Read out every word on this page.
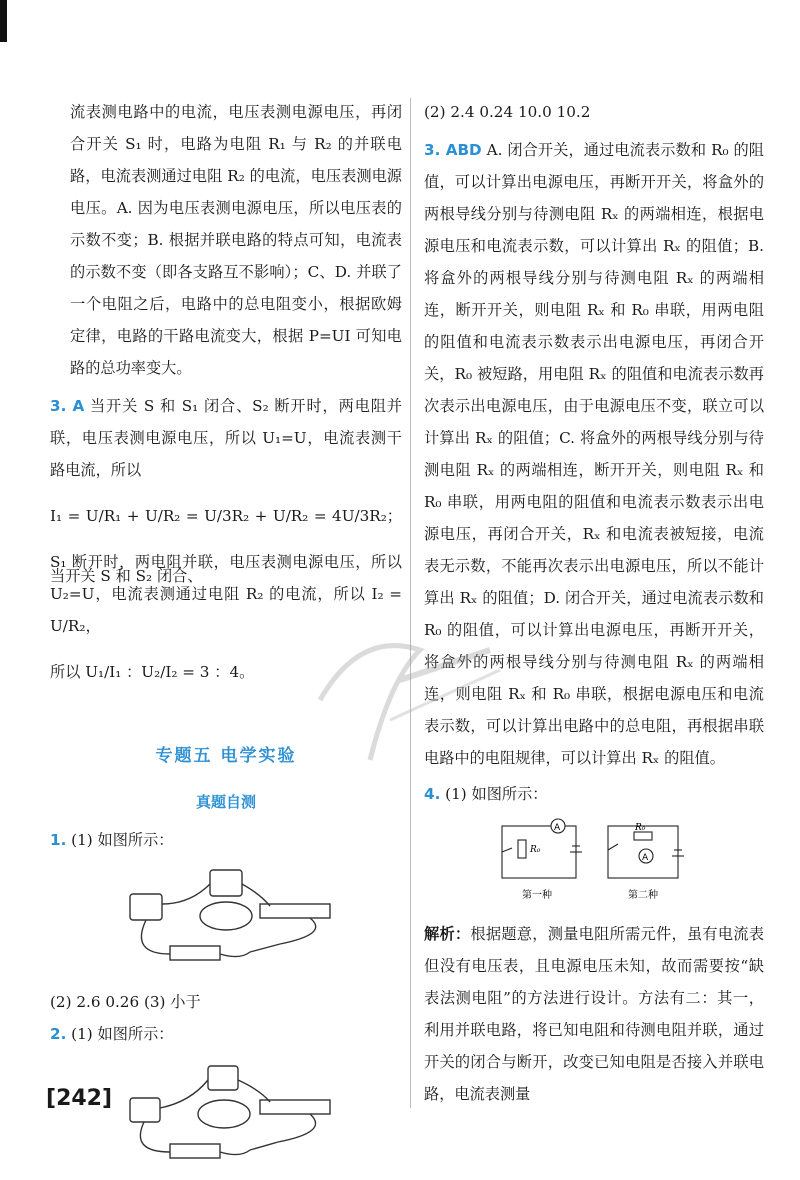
流表测电路中的电流，电压表测电源电压，再闭合开关 S₁ 时，电路为电阻 R₁ 与 R₂ 的并联电路，电流表测通过电阻 R₂ 的电流，电压表测电源电压。A. 因为电压表测电源电压，所以电压表的示数不变；B. 根据并联电路的特点可知，电流表的示数不变（即各支路互不影响）；C、D. 并联了一个电阻之后，电路中的总电阻变小，根据欧姆定律，电路的干路电流变大，根据 P=UI 可知电路的总功率变大。

3. A 当开关 S 和 S₁ 闭合、S₂ 断开时，两电阻并联，电压表测电源电压，所以 U₁=U，电流表测干路电流，所以

I₁ = U/R₁ + U/R₂ = U/3R₂ + U/R₂ = 4U/3R₂；当开关 S 和 S₂ 闭合、

S₁ 断开时，两电阻并联，电压表测电源电压，所以 U₂=U，电流表测通过电阻 R₂ 的电流，所以 I₂ = U/R₂，

所以 U₁/I₁ ：U₂/I₂ = 3 ：4。

专题五 电学实验
真题自测

1. (1) 如图所示：

(2) 2.6 0.26 (3) 小于

2. (1) 如图所示：

(2) 2.4 0.24 10.0 10.2

3. ABD A. 闭合开关，通过电流表示数和 R₀ 的阻值，可以计算出电源电压，再断开开关，将盒外的两根导线分别与待测电阻 Rₓ 的两端相连，根据电源电压和电流表示数，可以计算出 Rₓ 的阻值；B. 将盒外的两根导线分别与待测电阻 Rₓ 的两端相连，断开开关，则电阻 Rₓ 和 R₀ 串联，用两电阻的阻值和电流表示数表示出电源电压，再闭合开关，R₀ 被短路，用电阻 Rₓ 的阻值和电流表示数再次表示出电源电压，由于电源电压不变，联立可以计算出 Rₓ 的阻值；C. 将盒外的两根导线分别与待测电阻 Rₓ 的两端相连，断开开关，则电阻 Rₓ 和 R₀ 串联，用两电阻的阻值和电流表示数表示出电源电压，再闭合开关，Rₓ 和电流表被短接，电流表无示数，不能再次表示出电源电压，所以不能计算出 Rₓ 的阻值；D. 闭合开关，通过电流表示数和 R₀ 的阻值，可以计算出电源电压，再断开开关，将盒外的两根导线分别与待测电阻 Rₓ 的两端相连，则电阻 Rₓ 和 R₀ 串联，根据电源电压和电流表示数，可以计算出电路中的总电阻，再根据串联电路中的电阻规律，可以计算出 Rₓ 的阻值。

4. (1) 如图所示：

A
A
R₀
R₀
第一种	第二种

解析：根据题意，测量电阻所需元件，虽有电流表但没有电压表，且电源电压未知，故而需要按“缺表法测电阻”的方法进行设计。方法有二：其一，利用并联电路，将已知电阻和待测电阻并联，通过开关的闭合与断开，改变已知电阻是否接入并联电路，电流表测量

[242]
